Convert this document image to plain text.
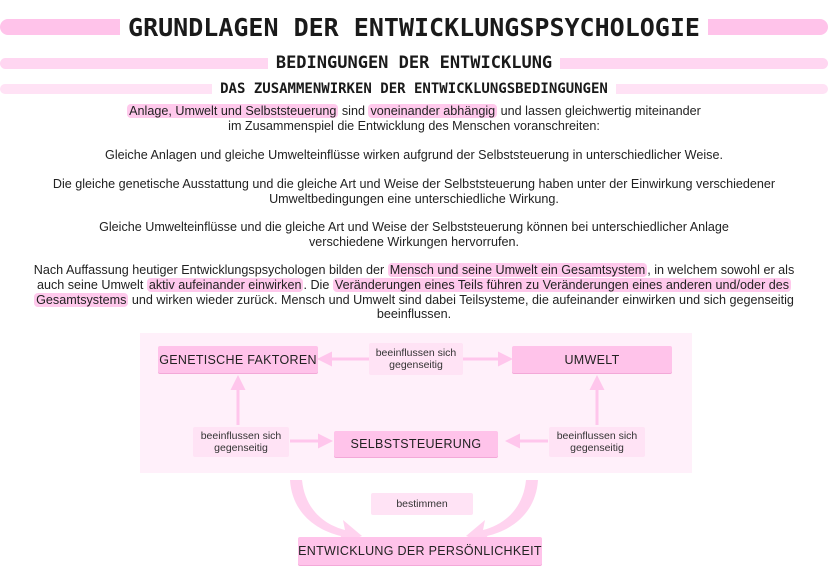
GRUNDLAGEN DER ENTWICKLUNGSPSYCHOLOGIE
BEDINGUNGEN DER ENTWICKLUNG
DAS ZUSAMMENWIRKEN DER ENTWICKLUNGSBEDINGUNGEN
Anlage, Umwelt und Selbststeuerung sind voneinander abhängig und lassen gleichwertig miteinander
im Zusammenspiel die Entwicklung des Menschen voranschreiten:
Gleiche Anlagen und gleiche Umwelteinflüsse wirken aufgrund der Selbststeuerung in unterschiedlicher Weise.
Die gleiche genetische Ausstattung und die gleiche Art und Weise der Selbststeuerung haben unter der Einwirkung verschiedener
Umweltbedingungen eine unterschiedliche Wirkung.
Gleiche Umwelteinflüsse und die gleiche Art und Weise der Selbststeuerung können bei unterschiedlicher Anlage
verschiedene Wirkungen hervorrufen.
Nach Auffassung heutiger Entwicklungspsychologen bilden der Mensch und seine Umwelt ein Gesamtsystem , in welchem sowohl er als
auch seine Umwelt aktiv aufeinander einwirken . Die Veränderungen eines Teils führen zu Veränderungen eines anderen und/oder des
Gesamtsystems und wirken wieder zurück. Mensch und Umwelt sind dabei Teilsysteme, die aufeinander einwirken und sich gegenseitig
beeinflussen.
GENETISCHE FAKTOREN	UMWELT
SELBSTSTEUERUNG
ENTWICKLUNG DER PERSÖNLICHKEIT
beeinflussen sich
gegenseitig
beeinflussen sich
gegenseitig
beeinflussen sich
gegenseitig
bestimmen
